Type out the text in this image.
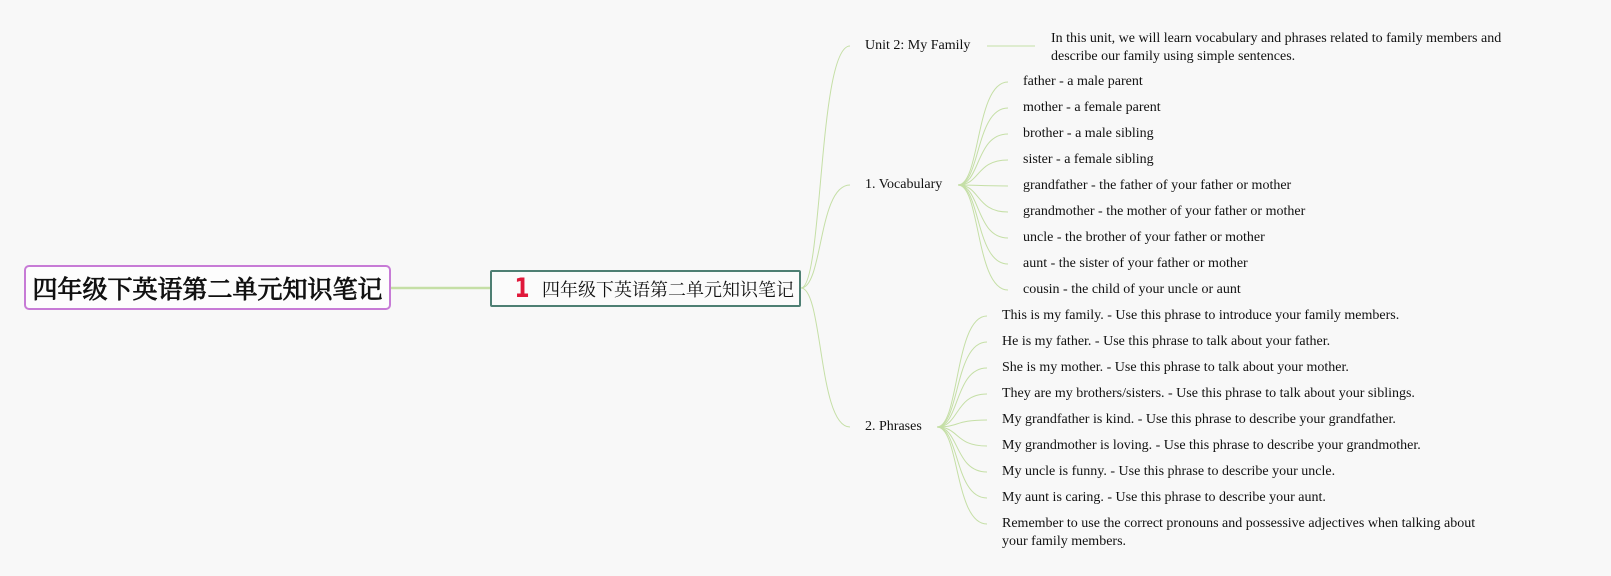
四年级下英语第二单元知识笔记	1 四年级下英语第二单元知识笔记
Unit 2: My Family	In this unit, we will learn vocabulary and phrases related to family members and describe our family using simple sentences.
1. Vocabulary
father - a male parent
mother - a female parent
brother - a male sibling
sister - a female sibling
grandfather - the father of your father or mother
grandmother - the mother of your father or mother
uncle - the brother of your father or mother
aunt - the sister of your father or mother
cousin - the child of your uncle or aunt
2. Phrases
This is my family. - Use this phrase to introduce your family members.
He is my father. - Use this phrase to talk about your father.
She is my mother. - Use this phrase to talk about your mother.
They are my brothers/sisters. - Use this phrase to talk about your siblings.
My grandfather is kind. - Use this phrase to describe your grandfather.
My grandmother is loving. - Use this phrase to describe your grandmother.
My uncle is funny. - Use this phrase to describe your uncle.
My aunt is caring. - Use this phrase to describe your aunt.
Remember to use the correct pronouns and possessive adjectives when talking about your family members.
